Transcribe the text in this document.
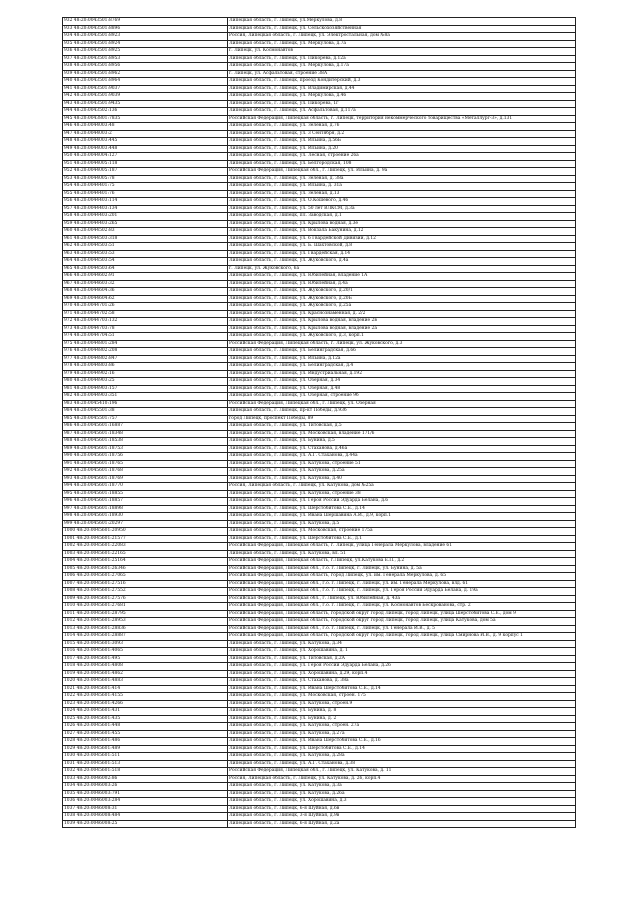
932 48:20:0043501:8769	Липецкая область, г. Липецк, ул.Меркулова, д.8
933 48:20:0043501:8896	Липецкая область, г. Липецк, ул. Сельскохозяйственная
934 48:20:0043501:8923	Россия, Липецкая область, г. Липецк, ул. Электростальная, дом №8а
935 48:20:0043501:8924	Липецкая область, г. Липецк, ул. Меркулова, д.7а
936 48:20:0043501:8925	г. Липецк, ул. Космонавтов
937 48:20:0043501:8953	Липецкая область, г. Липецк, ул. Пикорева, д.12а
938 48:20:0043501:8956	Липецкая область, г. Липецк, ул. Меркулова, д.17а
939 48:20:0043501:8962	г. Липецк, ул. Асфальтовая, строение 38А
940 48:20:0043501:8964	Липецкая область, г. Липецк, проезд Кондитерский, д.3
941 48:20:0043501:9037	Липецкая область, г. Липецк, ул. Владимирская, д.44
942 48:20:0043501:9039	Липецкая область, г. Липецк, ул. Меркулова, д.46
943 48:20:0043501:9435	Липецкая область, г. Липецк, ул. Пикорева, 1г
944 48:20:0043502:136	Липецкая область, г. Липецк, ул. Асфальтовая, д.117а
945 48:20:0043801:7835	Российская Федерация, Липецкая область, г. Липецк, территория некоммерческого товарищества «Металлург-3», д.131
946 48:20:0044003:48	Липецкая область, г. Липецк, ул. Зеленая, д.76
947 48:20:0044003:2	Липецкая область, г. Липецк, ул. 3 Сентября, д.2
948 48:20:0044003:445	Липецкая область, г. Липецк, ул. Ильина, д.56Б
949 48:20:0044003:448	Липецкая область, г. Липецк, ул. Ильина, д.20
950 48:20:0044004:127	Липецкая область, г. Липецк, ул. Лесная, строение 26а
951 48:20:0044005:118	Липецкая область, г. Липецк, ул. Белгородская, 108
952 48:20:0044005:187	Российская Федерация, Липецкая обл., г. Липецк, ул. Ильина, д. 9а
953 48:20:0044005:78	Липецкая область, г. Липецк, ул. Зеленая, д. 38а
954 48:20:0044401:75	Липецкая область, г. Липецк, ул. Ильина, д. 31а
955 48:20:0044401:76	Липецкая область, г. Липецк, ул. Зеленая, д.13
956 48:20:0044403:114	Липецкая область, г. Липецк, ул. О.Кошевого, д.46
957 48:20:0044403:134	Липецкая область, г. Липецк, ул. 50 лет ВЛКСМ, д.3а
958 48:20:0044403:201	Липецкая область, г. Липецк, пл. Заводская, д.1
959 48:20:0044403:265	Липецкая область, г. Липецк, ул. Крылова водная, д.3е
960 48:20:0044502:83	Липецкая область, г. Липецк, ул. Вокзала Бакунина, д.12
961 48:20:0044503:318	Липецкая область, г. Липецк, ул. 6 Гвардейской Дивизии, д.12
962 48:20:0044503:51	Липецкая область, г. Липецк, ул. Б. Шахтовской, д.8
963 48:20:0044503:53	Липецкая область, г. Липецк, ул. Гвардейская, д.14
964 48:20:0044503:54	Липецкая область, г. Липецк, ул. Жуковского, д.4а
965 48:20:0044503:64	г. Липецк, ул. Жуковского, 6а
966 48:20:0044602:91	Липецкая область, г. Липецк, ул. Юбилейная, владение 1А
967 48:20:0044603:32	Липецкая область, г. Липецк, ул. Юбилейная, д.4а
968 48:20:0044604:36	Липецкая область, г. Липецк, ул. Жуковского, д.20/1
969 48:20:0044604:62	Липецкая область, г. Липецк, ул. Жуковского, д.20Б
970 48:20:0044701:26	Липецкая область, г. Липецк, ул. Жуковского, д.25а
971 48:20:0044702:58	Липецкая область, г. Липецк, ул. Краснознаменная, д. 2/2
972 48:20:0044703:132	Липецкая область, г. Липецк, ул. Крылова водная, владение 2в
973 48:20:0044703:78	Липецкая область, г. Липецк, ул. Крылова водная, владение 2а
974 48:20:0044704:51	Липецкая область, г. Липецк, ул. Жуковского, д.3, корп.1
975 48:20:0044801:284	Российская Федерация, Липецкая область, г. Липецк, ул. Жуковского, д.3
976 48:20:0044802:208	Липецкая область, г. Липецк, ул. Белинградская, д.66
977 48:20:0044802:847	Липецкая область, г. Липецк, ул. Ильина, д.12а
978 48:20:0044803:86	Липецкая область, г. Липецк, ул. Белинградская, д.4
979 48:20:0044902:16	Липецкая область, г. Липецк, ул. Индустриальная, д.192
980 48:20:0044903:25	Липецкая область, г. Липецк, ул. Озерная, д.34
981 48:20:0044903:157	Липецкая область, г. Липецк, ул. Озерная, д.48
982 48:20:0044903:351	Липецкая область, г. Липецк, ул. Озерная, строение 9б
983 48:20:0045410:196	Российская Федерация, Липецкая обл., г. Липецк, ул. Озерная
984 48:20:0045501:38	Липецкая область, г. Липецк, пр-кт Победы, д.93б
985 48:20:0045501:757	город Липецк, проспект Победы, 89
986 48:20:0045601:16887	Липецкая область, г. Липецк, ул. Титовская, д.5
987 48:20:0045601:18348	Липецкая область, г. Липецк, ул. Московская, владение 171/6
988 48:20:0045601:18538	Липецкая область, г. Липецк, ул. Бунина, д.5
989 48:20:0045601:18753	Липецкая область, г. Липецк, ул. Стаханова, д.46а
990 48:20:0045601:18756	Липецкая область, г. Липецк, ул. А.Г. Стаханова, д.44а
991 48:20:0045601:18765	Липецкая область, г. Липецк, ул. Катукова, строение 51
992 48:20:0045601:18768	Липецкая область, г. Липецк, ул. Катукова, д.25а
993 48:20:0045601:18769	Липецкая область, г. Липецк, ул. Катукова, д.40
994 48:20:0045601:18770	Россия, Липецкая область, г. Липецк, ул. Катукова, дом №25а
995 48:20:0045601:18855	Липецкая область, г. Липецк, ул. Катукова, строение 38
996 48:20:0045601:18857	Липецкая область, г. Липецк, ул. Героя России Эдуарда Белана, д.6
997 48:20:0045601:18898	Липецкая область, г. Липецк, ул. Шерстобитова С.Е., д.14
998 48:20:0045601:18930	Липецкая область, г. Липецк, ул. Ивана Шершавина А.И., д.9, корп.1
999 48:20:0045601:20297	Липецкая область, г. Липецк, ул. Катукова, д.5
1000 48:20:0045601:20950	Липецкая область, г. Липецк, ул. Московская, строение 175а
1001 48:20:0045601:21577	Липецкая область, г. Липецк, ул. Шерстобитова С.Е., д.1
1002 48:20:0045601:22083	Российская Федерация, Липецкая область, г. Липецк, улица Генерала Меркулова, владение 61
1003 48:20:0045601:22165	Липецкая область, г. Липецк, ул. Катукова, вл. 51
1004 48:20:0045601:25164	Российская Федерация, Липецкая область, г.Липецк, ул.Катукова Е.П., д.2
1005 48:20:0045601:26346	Российская Федерация, Липецкая обл., г.о. г. Липецк, г. Липецк, ул. Бунина, д. 5а
1006 48:20:0045601:27065	Российская Федерация, Липецкая область, город Липецк, ул. им. Генерала Меркулова, д. 65
1007 48:20:0045601:27516	Российская Федерация, Липецкая обл., г.о. г. Липецк, г. Липецк, ул. им. Генерала Меркулова, влд. 61
1008 48:20:0045601:27552	Российская Федерация, Липецкая обл., г.о. г. Липецк, г. Липецк, ул. Героя России Эдуарда Белана, д. 19а
1009 48:20:0045601:27576	Российская Федерация, Липецкая обл., г. Липецк, ул. Юбилейная, д. 43а
1010 48:20:0045601:27681	Российская Федерация, Липецкая обл., г.о. г. Липецк, г. Липецк, ул. Космонавтов Бескрованова, стр. 2
1011 48:20:0045601:28795	Российская Федерация, Липецкая область, городской округ город Липецк, город Липецк, улица Шерстобитова С.Е., дом 9
1012 48:20:0045601:28953	Российская Федерация, Липецкая область, городской округ город Липецк, город Липецк, улица Катукова, дом 5а
1013 48:20:0045601:28836	Российская Федерация, Липецкая обл., г.о. г. Липецк, г. Липецк, ул. Генерала И.В., д. 5
1014 48:20:0045601:28887	Российская Федерация, Липецкая область, городской округ город Липецк, город Липецк, улица Смирнова И.В., д. 9 корпус 1
1015 48:20:0045601:3093	Липецкая область, г. Липецк, ул. Катукова, д.34
1016 48:20:0045601:4065	Липецкая область, г. Липецк, ул. Хорошавина, д. 1
1017 48:20:0045601:495	Липецкая область, г. Липецк, ул. Титовская, д.2А
1018 48:20:0045601:4808	Липецкая область, г. Липецк, ул. Героя России Эдуарда Белана, д.26
1019 48:20:0045601:4862	Липецкая область, г. Липецк, ул. Хорошавина, д.29, корп.4
1020 48:20:0045601:4883	Липецкая область, г. Липецк, ул. Стаханова, д. 38а
1021 48:20:0045601:414	Липецкая область, г. Липецк, ул. Ивана Шерстобитова С.Е., д.14
1022 48:20:0045601:4155	Липецкая область, г. Липецк, ул. Московская, строен. 175
1023 48:20:0045601:4266	Липецкая область, г. Липецк, ул. Катукова, строен.9
1024 48:20:0045601:431	Липецкая область, г. Липецк, ул. Бунина, д. 8
1025 48:20:0045601:435	Липецкая область, г. Липецк, ул. Бунина, д. 2
1026 48:20:0045601:448	Липецкая область, г. Липецк, ул. Катукова, строен. 27а
1027 48:20:0045601:455	Липецкая область, г. Липецк, ул. Катукова, д.27а
1028 48:20:0045601:486	Липецкая область, г. Липецк, ул. Ивана Шерстобитова С.Е., д.16
1029 48:20:0045601:489	Липецкая область, г. Липецк, ул. Шерстобитова С.Е., д.14
1030 48:20:0045601:511	Липецкая область, г. Липецк, ул. Катукова, д.28а
1031 48:20:0045601:513	Липецкая область, г. Липецк, ул. А.Г. Стаханова, д.38
1032 48:20:0045601:518	Российская Федерация, Липецкая обл., г. Липецк, ул. Катукова, д. 11
1033 48:20:0046002:86	Россия, Липецкая область, г. Липецк, ул. Катукова, д. 26, корп.4
1034 48:20:0046003:26	Липецкая область, г. Липецк, ул. Катукова, д.3а
1035 48:20:0046003:791	Липецкая область, г. Липецк, ул. Катукова, д.26а
1036 48:20:0046003:284	Липецкая область, г. Липецк, ул. Хорошавина, д.3
1037 48:20:0046008:31	Липецкая область, г. Липецк, 6-я Шуйная, д.6в
1038 48:20:0046008:484	Липецкая область, г. Липецк, 3-я Шуйная, д.9в
1039 48:20:0046008:25	Липецкая область, г. Липецк, 6-я Шуйная, д.2а
